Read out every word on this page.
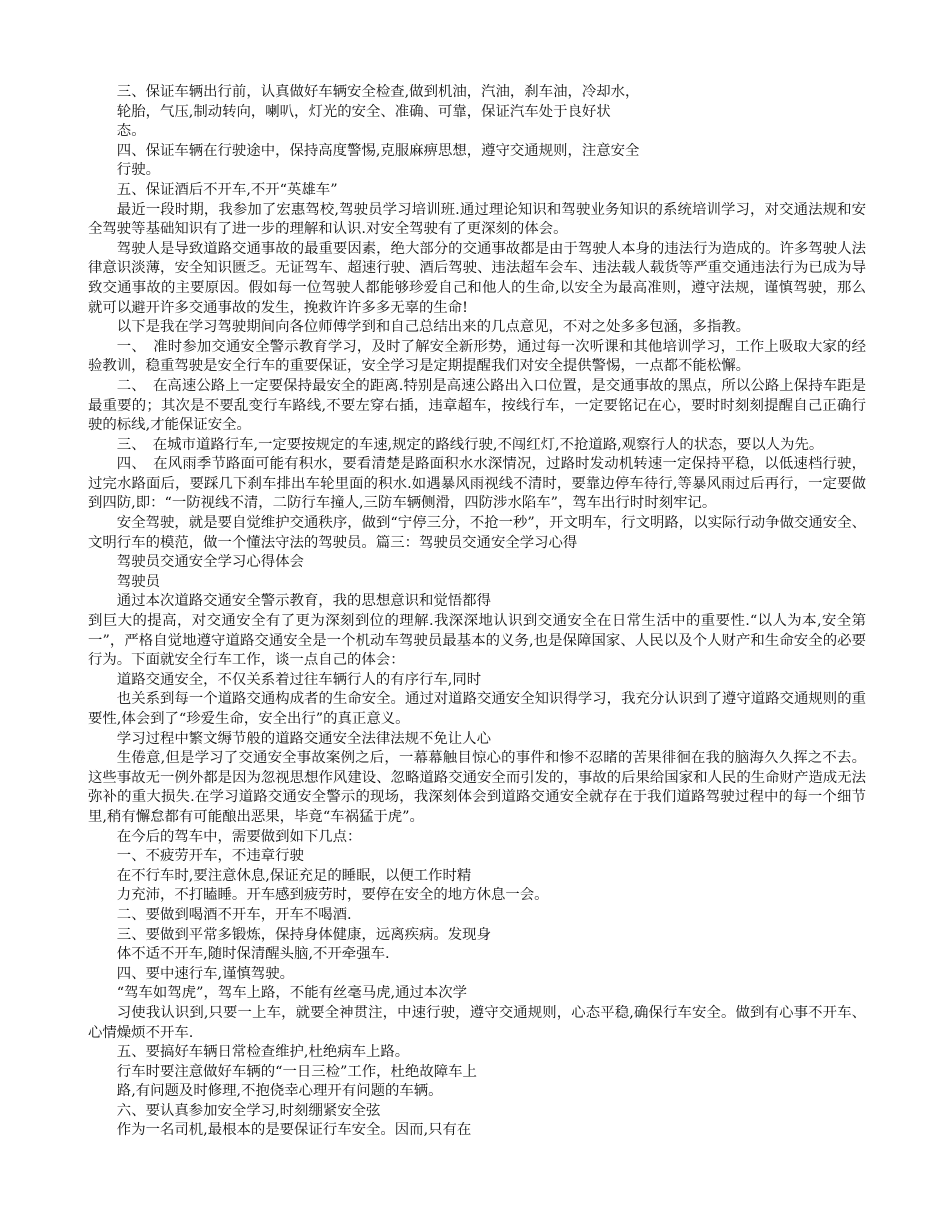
三、保证车辆出行前，认真做好车辆安全检查,做到机油，汽油，刹车油，冷却水，

轮胎，气压,制动转向，喇叭，灯光的安全、准确、可靠，保证汽车处于良好状

态。

四、保证车辆在行驶途中，保持高度警惕,克服麻痹思想，遵守交通规则，注意安全

行驶。

五、保证酒后不开车,不开“英雄车”

最近一段时期，我参加了宏惠驾校,驾驶员学习培训班.通过理论知识和驾驶业务知识的系统培训学习，对交通法规和安全驾驶等基础知识有了进一步的理解和认识.对安全驾驶有了更深刻的体会。

驾驶人是导致道路交通事故的最重要因素，绝大部分的交通事故都是由于驾驶人本身的违法行为造成的。许多驾驶人法律意识淡薄，安全知识匮乏。无证驾车、超速行驶、酒后驾驶、违法超车会车、违法载人载货等严重交通违法行为已成为导致交通事故的主要原因。假如每一位驾驶人都能够珍爱自己和他人的生命,以安全为最高准则，遵守法规，谨慎驾驶，那么就可以避开许多交通事故的发生，挽救许许多多无辜的生命!

以下是我在学习驾驶期间向各位师傅学到和自己总结出来的几点意见，不对之处多多包涵，多指教。

一、　准时参加交通安全警示教育学习，及时了解安全新形势，通过每一次听课和其他培训学习，工作上吸取大家的经验教训，稳重驾驶是安全行车的重要保证，安全学习是定期提醒我们对安全提供警惕，一点都不能松懈。

二、　在高速公路上一定要保持最安全的距离.特别是高速公路出入口位置，是交通事故的黑点，所以公路上保持车距是最重要的；其次是不要乱变行车路线,不要左穿右插，违章超车，按线行车，一定要铭记在心，要时时刻刻提醒自己正确行驶的标线,才能保证安全。

三、　在城市道路行车,一定要按规定的车速,规定的路线行驶,不闯红灯,不抢道路,观察行人的状态，要以人为先。

四、　在风雨季节路面可能有积水，要看清楚是路面积水水深情况，过路时发动机转速一定保持平稳，以低速档行驶，过完水路面后，要踩几下刹车排出车轮里面的积水.如遇暴风雨视线不清时，要靠边停车待行,等暴风雨过后再行，一定要做到四防,即：“一防视线不清，二防行车撞人,三防车辆侧滑，四防涉水陷车”，驾车出行时时刻牢记。

安全驾驶，就是要自觉维护交通秩序，做到“宁停三分，不抢一秒”，开文明车，行文明路，以实际行动争做交通安全、文明行车的模范，做一个懂法守法的驾驶员。篇三：驾驶员交通安全学习心得

驾驶员交通安全学习心得体会

驾驶员

通过本次道路交通安全警示教育，我的思想意识和觉悟都得

到巨大的提高，对交通安全有了更为深刻到位的理解.我深深地认识到交通安全在日常生活中的重要性.“以人为本,安全第一”，严格自觉地遵守道路交通安全是一个机动车驾驶员最基本的义务,也是保障国家、人民以及个人财产和生命安全的必要行为。下面就安全行车工作，谈一点自己的体会：

道路交通安全，不仅关系着过往车辆行人的有序行车,同时

也关系到每一个道路交通构成者的生命安全。通过对道路交通安全知识得学习，我充分认识到了遵守道路交通规则的重要性,体会到了“珍爱生命，安全出行”的真正意义。

学习过程中繁文缛节般的道路交通安全法律法规不免让人心

生倦意,但是学习了交通安全事故案例之后，一幕幕触目惊心的事件和惨不忍睹的苦果徘徊在我的脑海久久挥之不去。这些事故无一例外都是因为忽视思想作风建设、忽略道路交通安全而引发的，事故的后果给国家和人民的生命财产造成无法弥补的重大损失.在学习道路交通安全警示的现场，我深刻体会到道路交通安全就存在于我们道路驾驶过程中的每一个细节里,稍有懈怠都有可能酿出恶果，毕竟“车祸猛于虎”。

在今后的驾车中，需要做到如下几点：

一、不疲劳开车，不违章行驶

在不行车时,要注意休息,保证充足的睡眠，以便工作时精

力充沛，不打瞌睡。开车感到疲劳时，要停在安全的地方休息一会。

二、要做到喝酒不开车，开车不喝酒.

三、要做到平常多锻炼，保持身体健康，远离疾病。发现身

体不适不开车,随时保清醒头脑,不开牵强车.

四、要中速行车,谨慎驾驶。

“驾车如驾虎”，驾车上路，不能有丝毫马虎,通过本次学

习使我认识到,只要一上车，就要全神贯注，中速行驶，遵守交通规则，心态平稳,确保行车安全。做到有心事不开车、心情燥烦不开车.

五、要搞好车辆日常检查维护,杜绝病车上路。

行车时要注意做好车辆的“一日三检”工作，杜绝故障车上

路,有问题及时修理,不抱侥幸心理开有问题的车辆。

六、要认真参加安全学习,时刻绷紧安全弦

作为一名司机,最根本的是要保证行车安全。因而,只有在
